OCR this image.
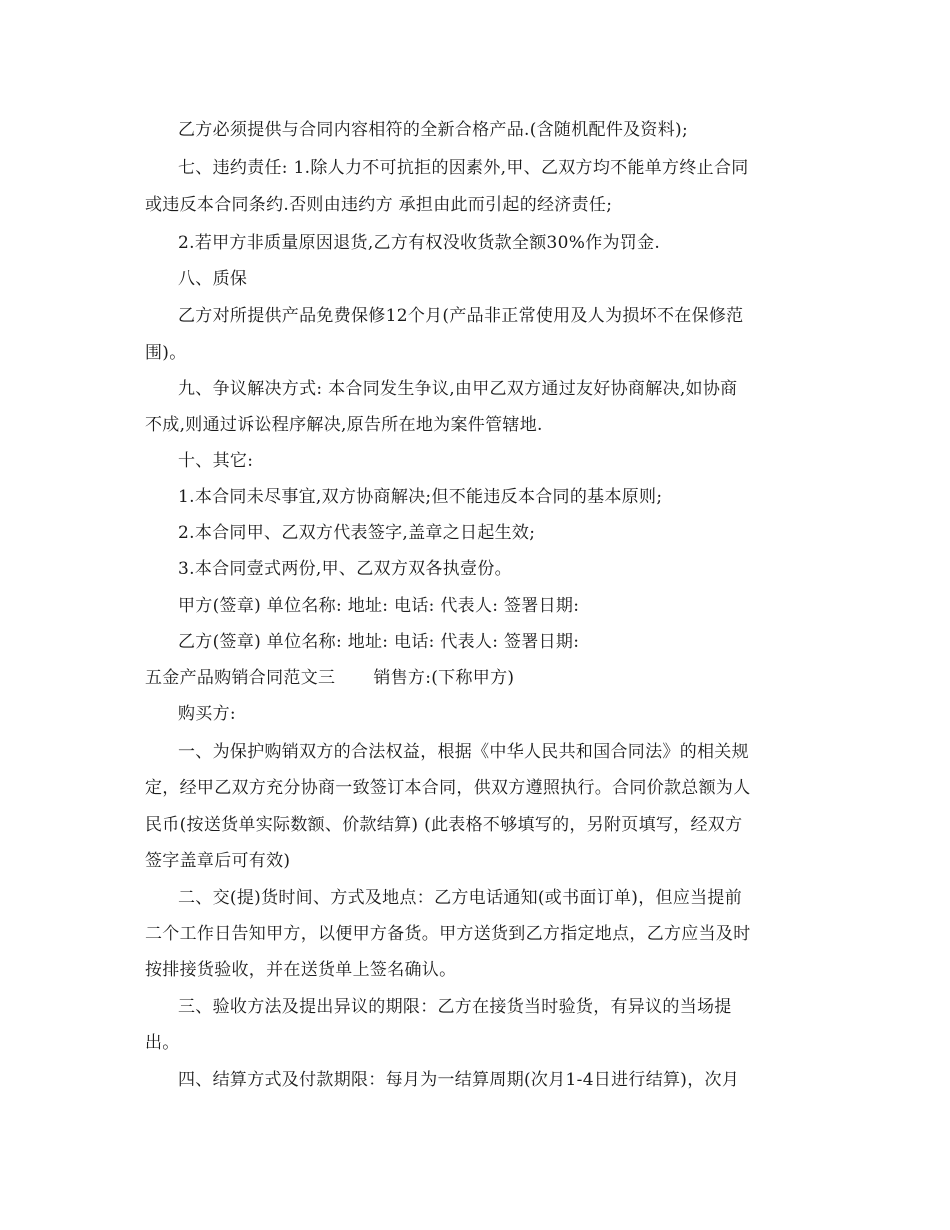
乙方必须提供与合同内容相符的全新合格产品.(含随机配件及资料);
七、违约责任: 1.除人力不可抗拒的因素外,甲、乙双方均不能单方终止合同
或违反本合同条约.否则由违约方 承担由此而引起的经济责任;
2.若甲方非质量原因退货,乙方有权没收货款全额30%作为罚金.
八、质保
乙方对所提供产品免费保修12个月(产品非正常使用及人为损坏不在保修范
围)。
九、争议解决方式: 本合同发生争议,由甲乙双方通过友好协商解决,如协商
不成,则通过诉讼程序解决,原告所在地为案件管辖地.
十、其它:
1.本合同未尽事宜,双方协商解决;但不能违反本合同的基本原则;
2.本合同甲、乙双方代表签字,盖章之日起生效;
3.本合同壹式两份,甲、乙双方双各执壹份。
甲方(签章) 单位名称: 地址: 电话: 代表人: 签署日期:
乙方(签章) 单位名称: 地址: 电话: 代表人: 签署日期:
五金产品购销合同范文三 销售方:(下称甲方)
购买方:
一、为保护购销双方的合法权益，根据《中华人民共和国合同法》的相关规
定，经甲乙双方充分协商一致签订本合同，供双方遵照执行。合同价款总额为人
民币(按送货单实际数额、价款结算) (此表格不够填写的，另附页填写，经双方
签字盖章后可有效)
二、交(提)货时间、方式及地点：乙方电话通知(或书面订单)，但应当提前
二个工作日告知甲方，以便甲方备货。甲方送货到乙方指定地点，乙方应当及时
按排接货验收，并在送货单上签名确认。
三、验收方法及提出异议的期限：乙方在接货当时验货，有异议的当场提
出。
四、结算方式及付款期限：每月为一结算周期(次月1-4日进行结算)，次月
